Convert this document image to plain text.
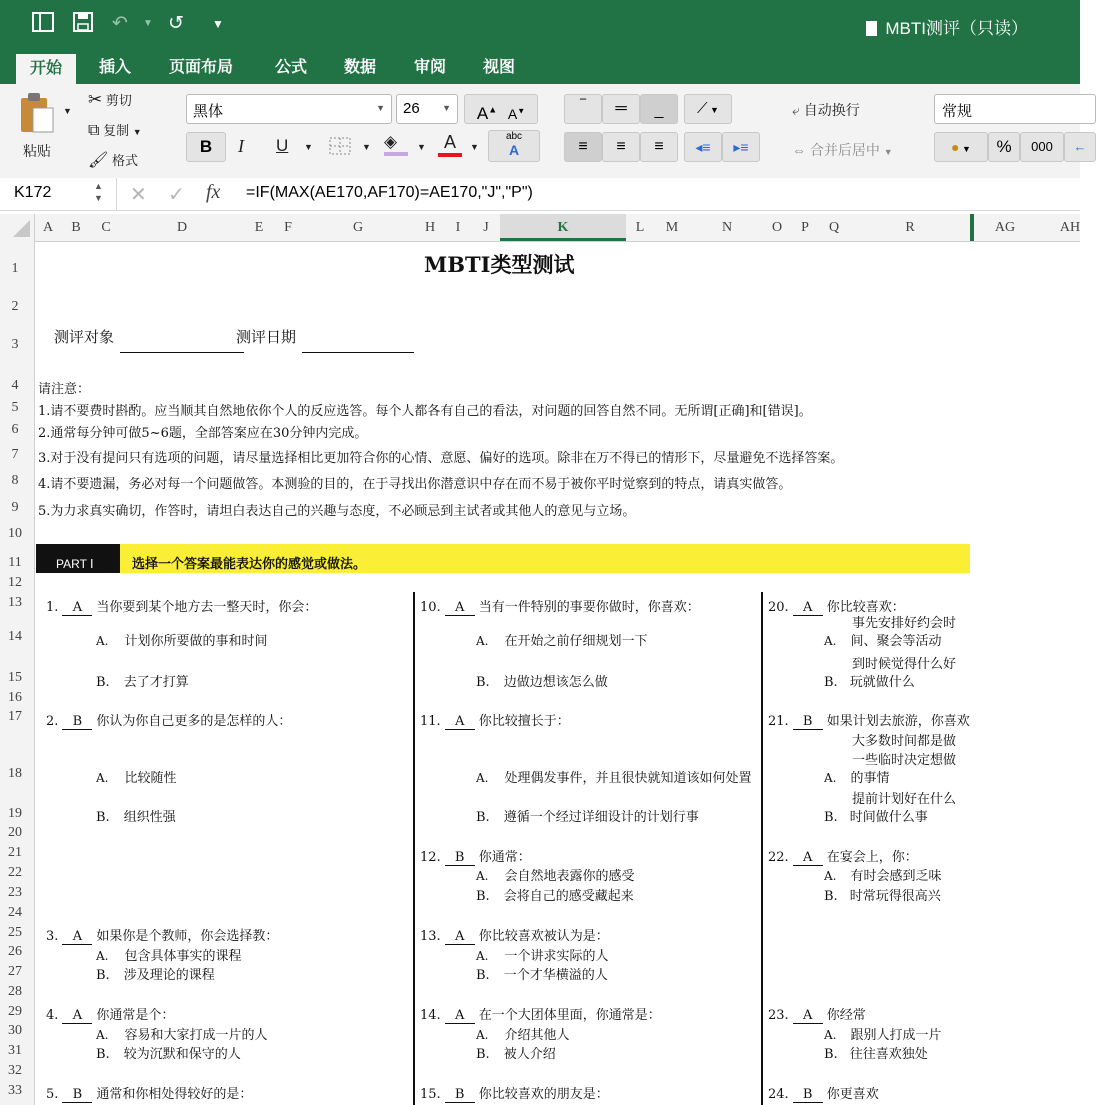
↶ ▼ ↺ ▼	MBTI测评（只读）
开始	插入 页面布局	公式 数据 审阅 视图
粘贴
▼
✂ 剪切
⧉ 复制 ▼
🖌 格式
黑体	▼ 26 ▼	A▲ A▼
B	I U ▼	▼ ◈	▼	A	▼
abc
A
‾	═	_	⟋ ▼
≡	≡	≡	◂≡	▸≡
⤶ 自动换行
⇔ 合并后居中 ▼
常规
● ▼	%	000	←
K172	▲
▼ ✕ ✓ fx =IF(MAX(AE170,AF170)=AE170,"J","P")
A	B	C	D	E	F	G	H	I	J	K	L	M	N	O	P	Q	R	AG	AH
1
2
3
4
5
6
7
8
9
10
11
12
13
14
15
16
17
18
19
20
21
22
23
24
25
26
27
28
29
30
31
32
33
MBTI类型测试
测评对象	测评日期
请注意：
1.请不要费时斟酌。应当顺其自然地依你个人的反应选答。每个人都各有自己的看法，对问题的回答自然不同。无所谓[正确]和[错误]。
2.通常每分钟可做5~6题，全部答案应在30分钟内完成。
3.对于没有提问只有选项的问题，请尽量选择相比更加符合你的心情、意愿、偏好的选项。除非在万不得已的情形下，尽量避免不选择答案。
4.请不要遗漏，务必对每一个问题做答。本测验的目的，在于寻找出你潜意识中存在而不易于被你平时觉察到的特点，请真实做答。
5.为力求真实确切，作答时，请坦白表达自己的兴趣与态度，不必顾忌到主试者或其他人的意见与立场。
PART Ⅰ	选择一个答案最能表达你的感觉或做法。
1. A 当你要到某个地方去一整天时，你会：
A. 计划你所要做的事和时间
B. 去了才打算
2. B 你认为你自己更多的是怎样的人：
A. 比较随性
B. 组织性强
3. A 如果你是个教师，你会选择教：
A. 包含具体事实的课程
B. 涉及理论的课程
4. A 你通常是个：
A. 容易和大家打成一片的人
B. 较为沉默和保守的人
5. B 通常和你相处得较好的是：
10. A 当有一件特别的事要你做时，你喜欢：
A. 在开始之前仔细规划一下
B. 边做边想该怎么做
11. A 你比较擅长于：
A. 处理偶发事件，并且很快就知道该如何处置
B. 遵循一个经过详细设计的计划行事
12. B 你通常：
A. 会自然地表露你的感受
B. 会将自己的感受藏起来
13. A 你比较喜欢被认为是：
A. 一个讲求实际的人
B. 一个才华横溢的人
14. A 在一个大团体里面，你通常是：
A. 介绍其他人
B. 被人介绍
15. B 你比较喜欢的朋友是：
20. A 你比较喜欢：
事先安排好约会时
A. 间、聚会等活动
到时候觉得什么好
B. 玩就做什么
21. B 如果计划去旅游，你喜欢
大多数时间都是做
一些临时决定想做
A. 的事情
提前计划好在什么
B. 时间做什么事
22. A 在宴会上，你：
A. 有时会感到乏味
B. 时常玩得很高兴
23. A 你经常
A. 跟别人打成一片
B. 往往喜欢独处
24. B 你更喜欢
